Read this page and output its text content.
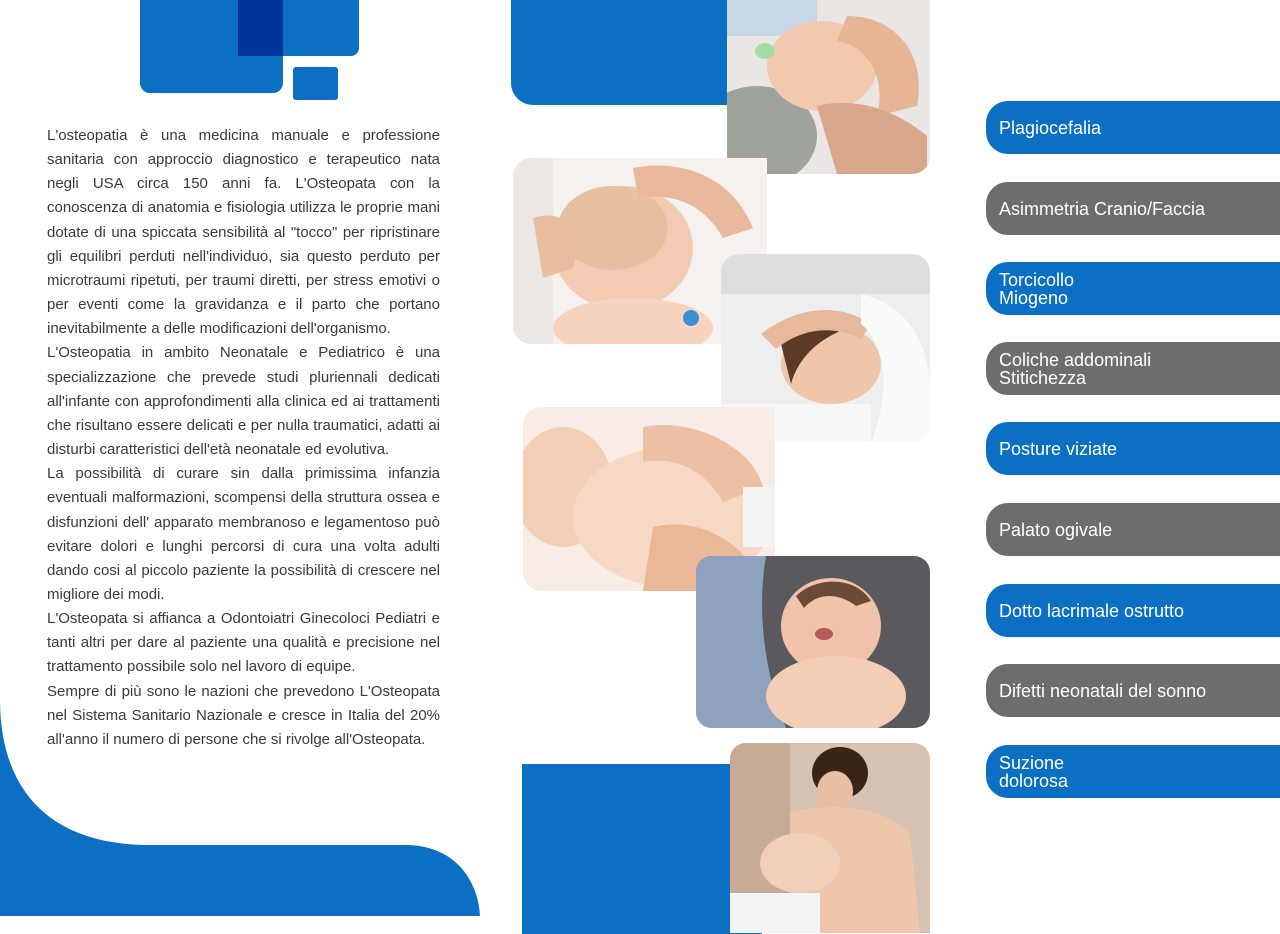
L'osteopatia è una medicina manuale e professione sanitaria con approccio diagnostico e terapeutico nata negli USA circa 150 anni fa. L'Osteopata con la conoscenza di anatomia e fisiologia utilizza le proprie mani dotate di una spiccata sensibilità al "tocco" per ripristinare gli equilibri perduti nell'individuo, sia questo perduto per microtraumi ripetuti, per traumi diretti, per stress emotivi o per eventi come la gravidanza e il parto che portano inevitabilmente a delle modificazioni dell'organismo.

L'Osteopatia in ambito Neonatale e Pediatrico è una specializzazione che prevede studi pluriennali dedicati all'infante con approfondimenti alla clinica ed ai trattamenti che risultano essere delicati e per nulla traumatici, adatti ai disturbi caratteristici dell'età neonatale ed evolutiva.

La possibilità di curare sin dalla primissima infanzia eventuali malformazioni, scompensi della struttura ossea e disfunzioni dell' apparato membranoso e legamentoso può evitare dolori e lunghi percorsi di cura una volta adulti dando cosi al piccolo paziente la possibilità di crescere nel migliore dei modi.

L'Osteopata si affianca a Odontoiatri Ginecoloci Pediatri e tanti altri per dare al paziente una qualità e precisione nel trattamento possibile solo nel lavoro di equipe.

Sempre di più sono le nazioni che prevedono L'Osteopata nel Sistema Sanitario Nazionale e cresce in Italia del 20% all'anno il numero di persone che si rivolge all'Osteopata.

Plagiocefalia
Asimmetria Cranio/Faccia
Torcicollo
Miogeno
Coliche addominali
Stitichezza
Posture viziate
Palato ogivale
Dotto lacrimale ostrutto
Difetti neonatali del sonno
Suzione
dolorosa
